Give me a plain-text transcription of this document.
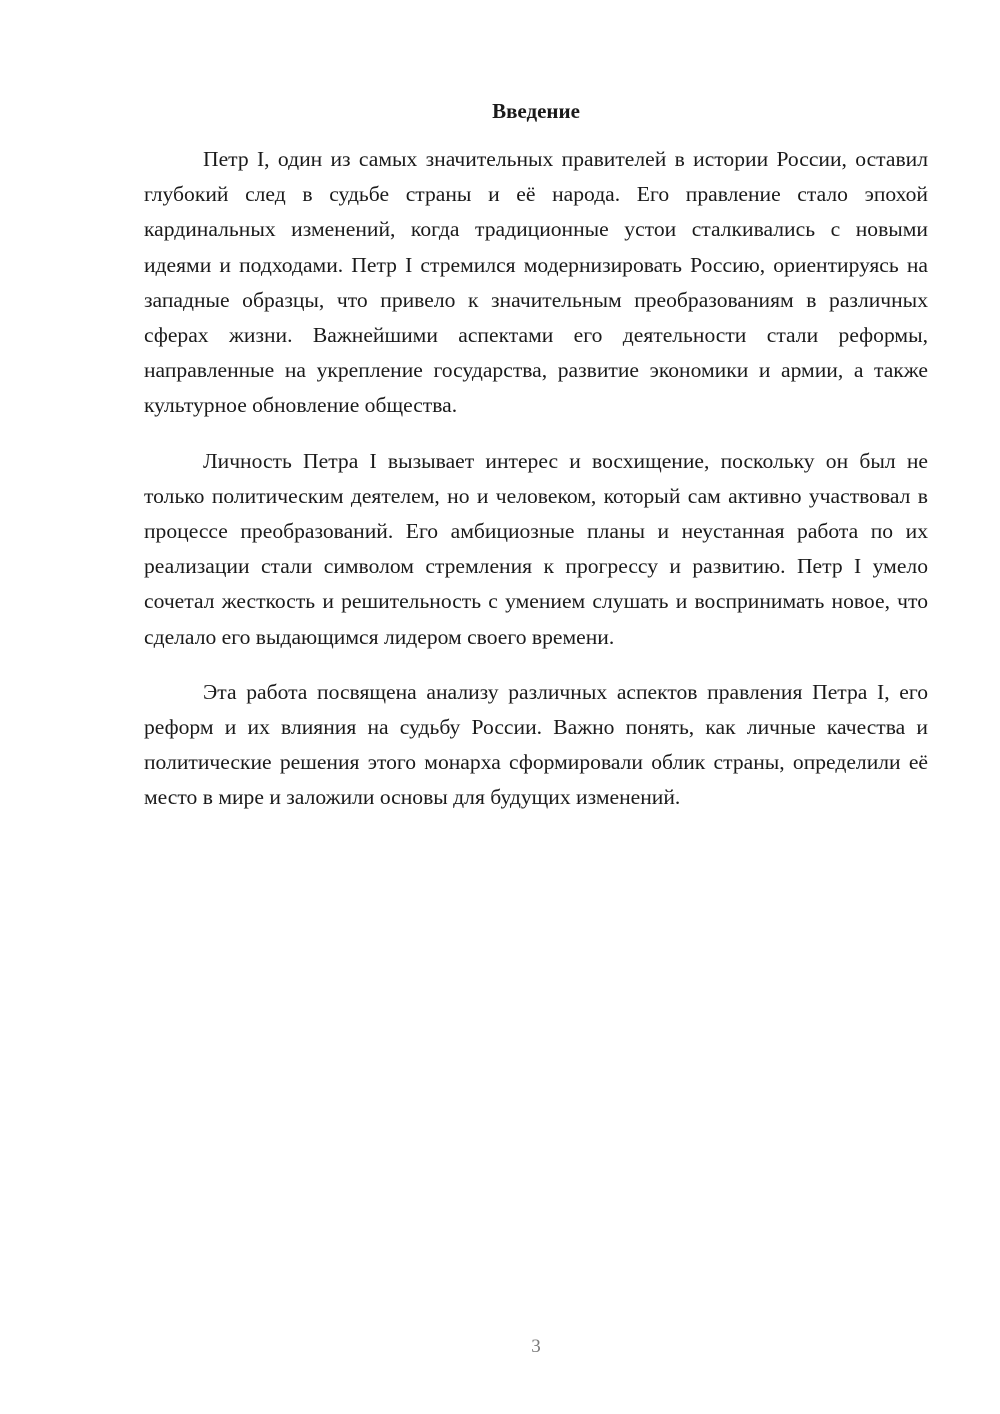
Введение

Петр I, один из самых значительных правителей в истории России, оставил глубокий след в судьбе страны и её народа. Его правление стало эпохой кардинальных изменений, когда традиционные устои сталкивались с новыми идеями и подходами. Петр I стремился модернизировать Россию, ориентируясь на западные образцы, что привело к значительным преобразованиям в различных сферах жизни. Важнейшими аспектами его деятельности стали реформы, направленные на укрепление государства, развитие экономики и армии, а также культурное обновление общества.

Личность Петра I вызывает интерес и восхищение, поскольку он был не только политическим деятелем, но и человеком, который сам активно участвовал в процессе преобразований. Его амбициозные планы и неустанная работа по их реализации стали символом стремления к прогрессу и развитию. Петр I умело сочетал жесткость и решительность с умением слушать и воспринимать новое, что сделало его выдающимся лидером своего времени.

Эта работа посвящена анализу различных аспектов правления Петра I, его реформ и их влияния на судьбу России. Важно понять, как личные качества и политические решения этого монарха сформировали облик страны, определили её место в мире и заложили основы для будущих изменений.

3
